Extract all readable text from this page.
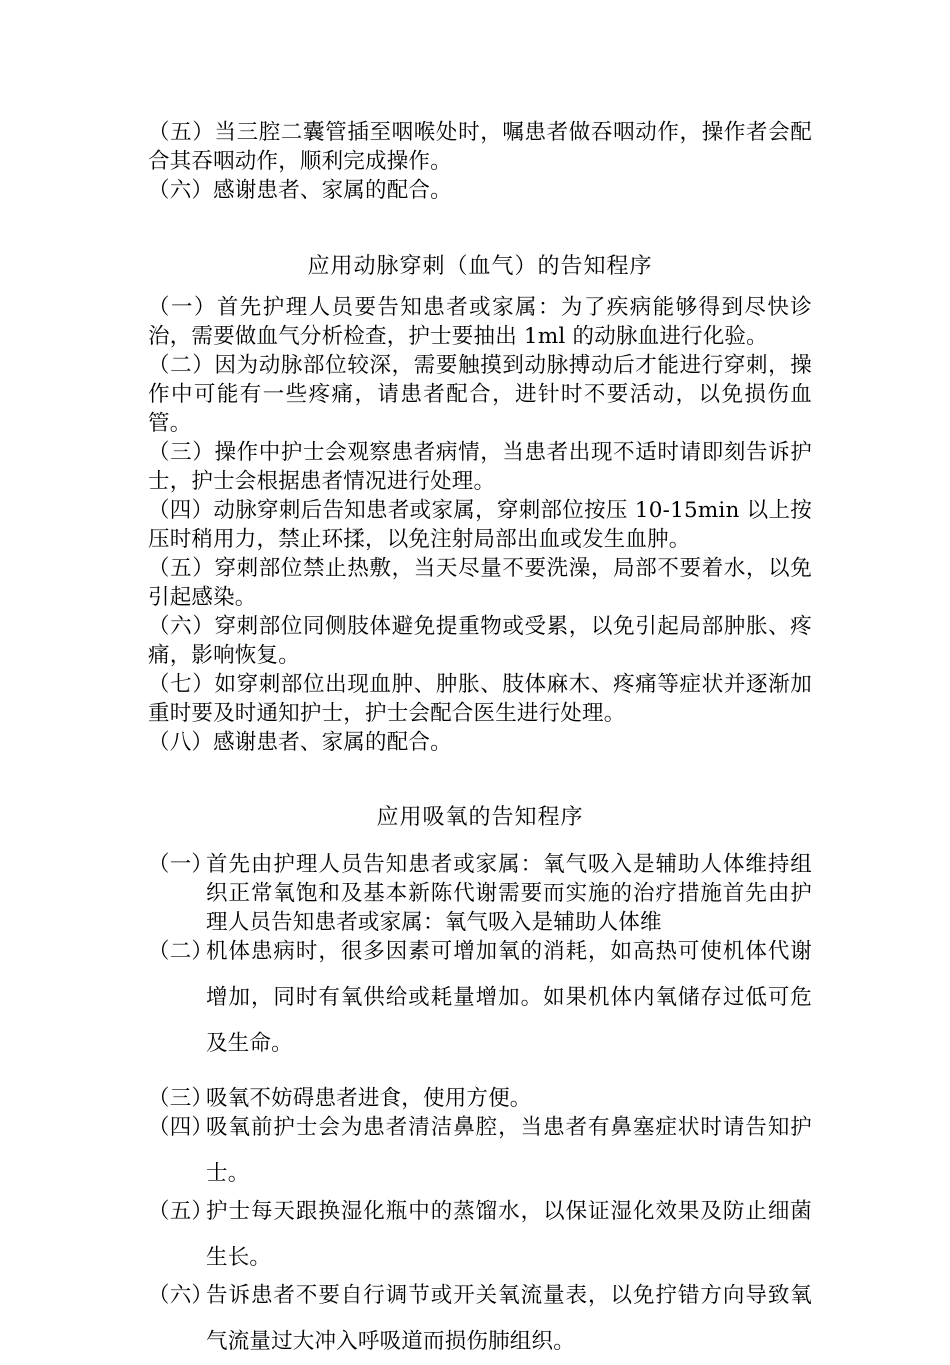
（五）当三腔二囊管插至咽喉处时，嘱患者做吞咽动作，操作者会配合其吞咽动作，顺利完成操作。
（六）感谢患者、家属的配合。
应用动脉穿刺（血气）的告知程序
（一）首先护理人员要告知患者或家属：为了疾病能够得到尽快诊治，需要做血气分析检查，护士要抽出 1ml 的动脉血进行化验。
（二）因为动脉部位较深，需要触摸到动脉搏动后才能进行穿刺，操作中可能有一些疼痛，请患者配合，进针时不要活动，以免损伤血管。
（三）操作中护士会观察患者病情，当患者出现不适时请即刻告诉护士，护士会根据患者情况进行处理。
（四）动脉穿刺后告知患者或家属，穿刺部位按压 10-15min 以上按压时稍用力，禁止环揉，以免注射局部出血或发生血肿。
（五）穿刺部位禁止热敷，当天尽量不要洗澡，局部不要着水，以免引起感染。
（六）穿刺部位同侧肢体避免提重物或受累，以免引起局部肿胀、疼痛，影响恢复。
（七）如穿刺部位出现血肿、肿胀、肢体麻木、疼痛等症状并逐渐加重时要及时通知护士，护士会配合医生进行处理。
（八）感谢患者、家属的配合。
应用吸氧的告知程序
（一）
首先由护理人员告知患者或家属：氧气吸入是辅助人体维持组织正常氧饱和及基本新陈代谢需要而实施的治疗措施首先由护理人员告知患者或家属：氧气吸入是辅助人体维
（二）
机体患病时，很多因素可增加氧的消耗，如高热可使机体代谢增加，同时有氧供给或耗量增加。如果机体内氧储存过低可危及生命。
（三）
吸氧不妨碍患者进食，使用方便。
（四）
吸氧前护士会为患者清洁鼻腔，当患者有鼻塞症状时请告知护士。
（五）
护士每天跟换湿化瓶中的蒸馏水，以保证湿化效果及防止细菌生长。
（六）
告诉患者不要自行调节或开关氧流量表，以免拧错方向导致氧气流量过大冲入呼吸道而损伤肺组织。
